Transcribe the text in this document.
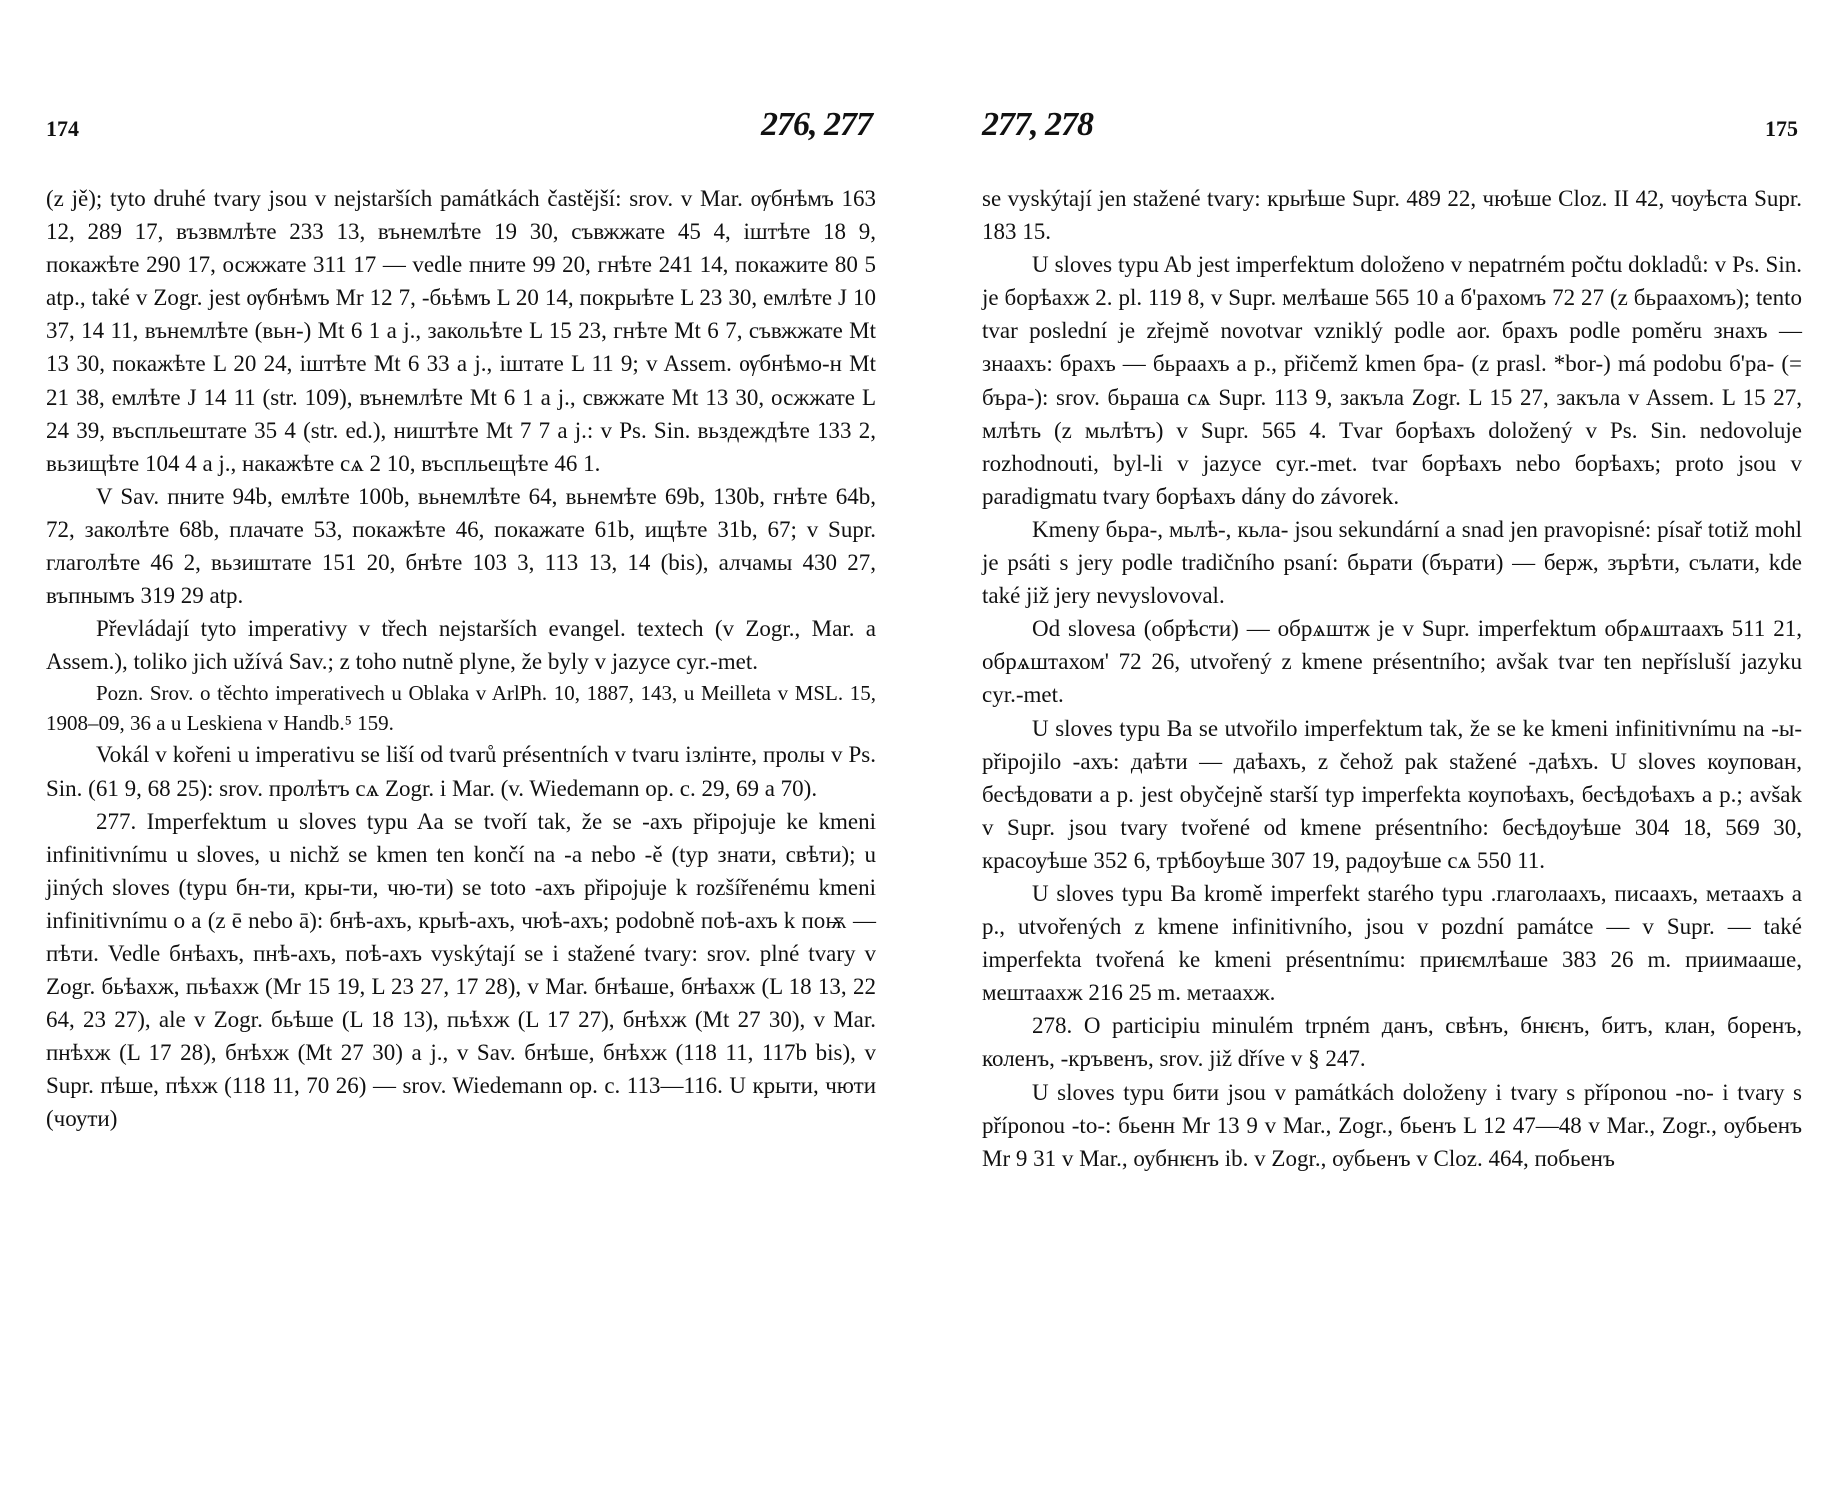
174	276, 277

(z jě); tyto druhé tvary jsou v nejstarších památkách častější: srov. v Mar. ѹбнѣмъ 163 12, 289 17, възвмлѣте 233 13, вънемлѣте 19 30, съвжжате 45 4, іштѣте 18 9, покажѣте 290 17, осжжате 311 17 — vedle пните 99 20, гнѣте 241 14, покажите 80 5 atp., také v Zogr. jest ѹбнѣмъ Mr 12 7, -бьѣмъ L 20 14, покрыѣте L 23 30, емлѣте J 10 37, 14 11, вънемлѣте (вьн-) Mt 6 1 a j., закольѣте L 15 23, гнѣте Mt 6 7, съвжжате Mt 13 30, покажѣте L 20 24, іштѣте Mt 6 33 a j., іштате L 11 9; v Assem. ѹбнѣмо-н Mt 21 38, емлѣте J 14 11 (str. 109), вънемлѣте Mt 6 1 a j., свжжате Mt 13 30, осжжате L 24 39, въспльештате 35 4 (str. ed.), ништѣте Mt 7 7 a j.: v Ps. Sin. вьздеждѣте 133 2, вьзищѣте 104 4 a j., накажѣте сѧ 2 10, въспльещѣте 46 1.

V Sav. пните 94b, емлѣте 100b, вьнемлѣте 64, вьнемѣте 69b, 130b, гнѣте 64b, 72, заколѣте 68b, плачате 53, покажѣте 46, покажате 61b, ищѣте 31b, 67; v Supr. глаголѣте 46 2, вьзиштате 151 20, бнѣте 103 3, 113 13, 14 (bis), алчамы 430 27, въпнымъ 319 29 atp.

Převládají tyto imperativy v třech nejstarších evangel. textech (v Zogr., Mar. a Assem.), toliko jich užívá Sav.; z toho nutně plyne, že byly v jazyce cyr.-met.

Pozn. Srov. o těchto imperativech u Oblaka v ArlPh. 10, 1887, 143, u Meilleta v MSL. 15, 1908–09, 36 a u Leskiena v Handb.⁵ 159.

Vokál v kořeni u imperativu se liší od tvarů présentních v tvaru ізлінте, пролы v Ps. Sin. (61 9, 68 25): srov. пролѣтъ сѧ Zogr. i Mar. (v. Wiedemann op. c. 29, 69 a 70).

277. Imperfektum u sloves typu Aa se tvoří tak, že se -ахъ připojuje ke kmeni infinitivnímu u sloves, u nichž se kmen ten končí na -a nebo -ě (typ знати, свѣти); u jiných sloves (typu бн-ти, кры-ти, чю-ти) se toto -ахъ připojuje k rozšířenému kmeni infinitivnímu o a (z ē nebo ā): бнѣ-ахъ, крыѣ-ахъ, чюѣ-ахъ; podobně поѣ-ахъ k поѭ — пѣти. Vedle бнѣахъ, пнѣ-ахъ, поѣ-ахъ vyskýtají se i stažené tvary: srov. plné tvary v Zogr. бьѣахж, пьѣахж (Mr 15 19, L 23 27, 17 28), v Mar. бнѣаше, бнѣахж (L 18 13, 22 64, 23 27), ale v Zogr. бьѣше (L 18 13), пьѣхж (L 17 27), бнѣхж (Mt 27 30), v Mar. пнѣхж (L 17 28), бнѣхж (Mt 27 30) a j., v Sav. бнѣше, бнѣхж (118 11, 117b bis), v Supr. пѣше, пѣхж (118 11, 70 26) — srov. Wiedemann op. c. 113—116. U крыти, чюти (чоути)

277, 278	175

se vyskýtají jen stažené tvary: крыѣше Supr. 489 22, чюѣше Cloz. II 42, чоуѣста Supr. 183 15.

U sloves typu Ab jest imperfektum doloženo v nepatrném počtu dokladů: v Ps. Sin. je борѣахж 2. pl. 119 8, v Supr. мелѣаше 565 10 a б'рахомъ 72 27 (z бьраахомъ); tento tvar poslední je zřejmě novotvar vzniklý podle aor. брахъ podle poměru знахъ — знаахъ: брахъ — бьраахъ a p., přičemž kmen бра- (z prasl. *bor-) má podobu б'ра- (= бъра-): srov. бьраша сѧ Supr. 113 9, закъла Zogr. L 15 27, закъла v Assem. L 15 27, млѣть (z мьлѣтъ) v Supr. 565 4. Tvar борѣахъ doložený v Ps. Sin. nedovoluje rozhodnouti, byl-li v jazyce cyr.-met. tvar борѣахъ nebo борѣахъ; proto jsou v paradigmatu tvary борѣахъ dány do závorek.

Kmeny бьра-, мьлѣ-, кьла- jsou sekundární a snad jen pravopisné: písař totiž mohl je psáti s jery podle tradičního psaní: бьрати (бърати) — берж, зърѣти, сълати, kde také již jery nevyslovoval.

Od slovesa (обрѣсти) — обрѧштж je v Supr. imperfektum обрѧштаахъ 511 21, обрѧштахом' 72 26, utvořený z kmene présentního; avšak tvar ten nepřísluší jazyku cyr.-met.

U sloves typu Ba se utvořilo imperfektum tak, že se ke kmeni infinitivnímu na -ы- připojilo -ахъ: даѣти — даѣахъ, z čehož pak stažené -даѣхъ. U sloves коупован, бесѣдовати a p. jest obyčejně starší typ imperfekta коупоѣахъ, бесѣдоѣахъ a p.; avšak v Supr. jsou tvary tvořené od kmene présentního: бесѣдоуѣше 304 18, 569 30, красоуѣше 352 6, трѣбоуѣше 307 19, радоуѣше сѧ 550 11.

U sloves typu Ba kromě imperfekt starého typu .глаголаахъ, писаахъ, метаахъ a p., utvořených z kmene infinitivního, jsou v pozdní památce — v Supr. — také imperfekta tvořená ke kmeni présentnímu: приѥмлѣаше 383 26 m. приимааше, мештаахж 216 25 m. метаахж.

278. O participiu minulém trpném данъ, свѣнъ, бнѥнъ, битъ, клан, боренъ, коленъ, -кръвенъ, srov. již dříve v § 247.

U sloves typu бити jsou v památkách doloženy i tvary s příponou -no- i tvary s příponou -to-: бьенн Mr 13 9 v Mar., Zogr., бьенъ L 12 47—48 v Mar., Zogr., оубьенъ Mr 9 31 v Mar., оубнѥнъ ib. v Zogr., оубьенъ v Cloz. 464, побьенъ
